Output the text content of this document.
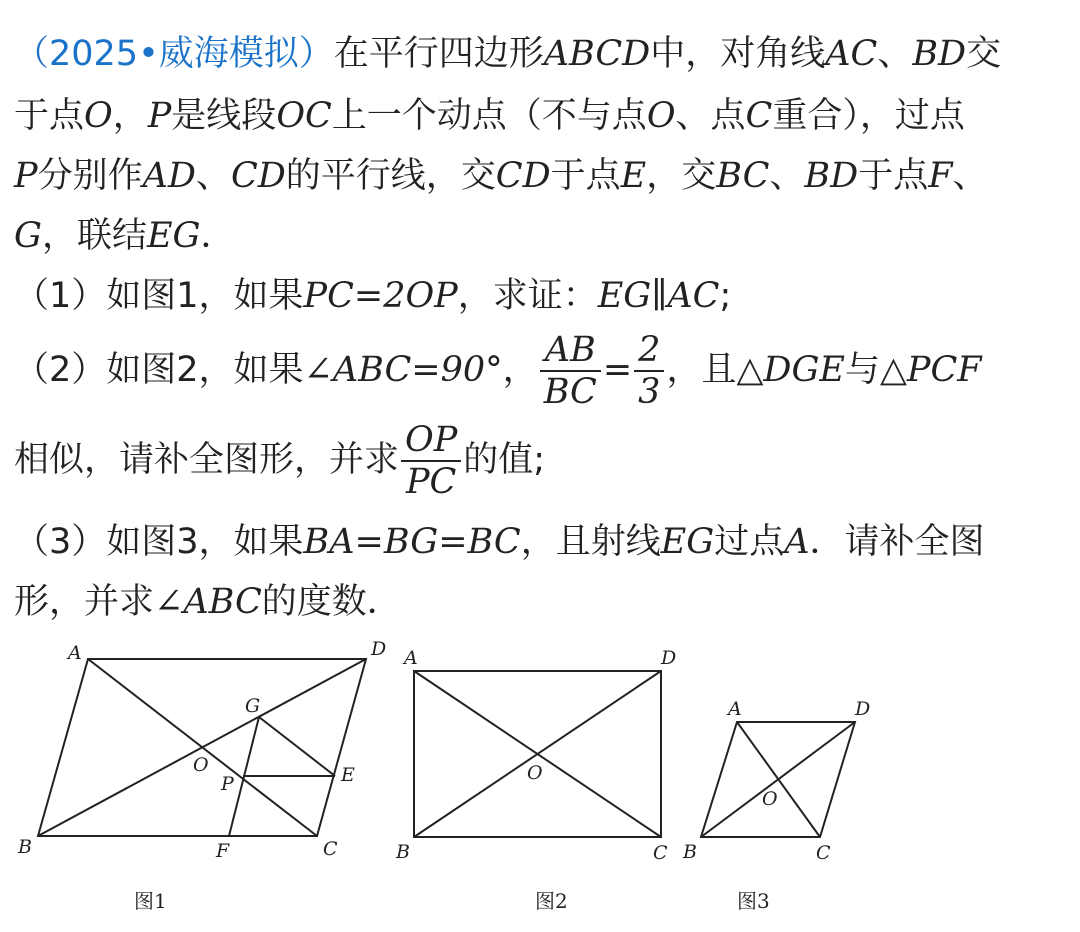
（2025•威海模拟）在平行四边形ABCD中，对角线AC、BD交
于点O，P是线段OC上一个动点（不与点O、点C重合），过点
P分别作AD、CD的平行线，交CD于点E，交BC、BD于点F、
G，联结EG．
（1）如图1，如果PC=2OP，求证：EG∥AC;
（2）如图2，如果∠ABC=90°， $\frac{AB}{BC} = \frac{2}{3}$ ，且△DGE与△PCF
相似，请补全图形，并求 $\frac{OP}{PC}$ 的值;
（3）如图3，如果BA=BG=BC，且射线EG过点A．请补全图
形，并求∠ABC的度数．
A	D
B	C
O
P
G
E
F
图1
A	D
B	C
O
图2
A	D
B	C
O
图3
